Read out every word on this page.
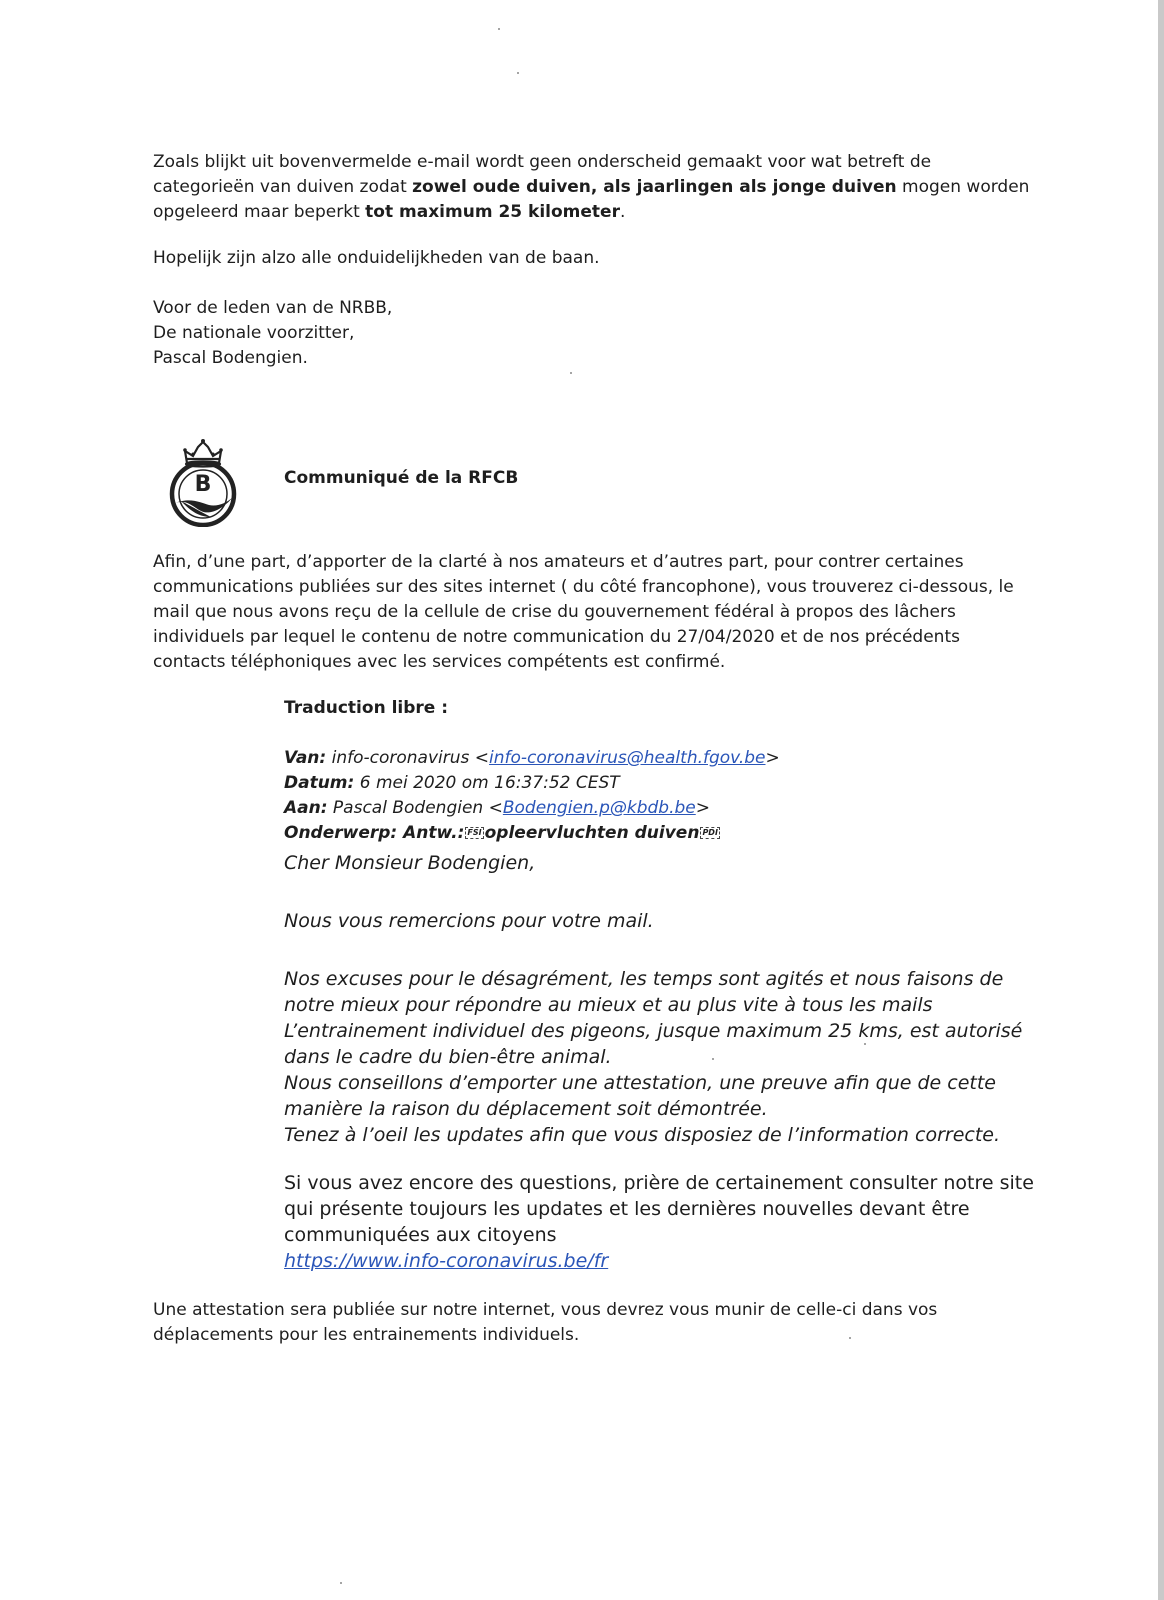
Zoals blijkt uit bovenvermelde e-mail wordt geen onderscheid gemaakt voor wat betreft de
categorieën van duiven zodat zowel oude duiven, als jaarlingen als jonge duiven mogen worden
opgeleerd maar beperkt tot maximum 25 kilometer.

Hopelijk zijn alzo alle onduidelijkheden van de baan.

Voor de leden van de NRBB,
De nationale voorzitter,
Pascal Bodengien.

B	Communiqué de la RFCB

Afin, d’une part, d’apporter de la clarté à nos amateurs et d’autres part, pour contrer certaines
communications publiées sur des sites internet ( du côté francophone), vous trouverez ci-dessous, le
mail que nous avons reçu de la cellule de crise du gouvernement fédéral à propos des lâchers
individuels par lequel le contenu de notre communication du 27/04/2020 et de nos précédents
contacts téléphoniques avec les services compétents est confirmé.

Traduction libre :

Van: info-coronavirus <info-coronavirus@health.fgov.be>
Datum: 6 mei 2020 om 16:37:52 CEST
Aan: Pascal Bodengien <Bodengien.p@kbdb.be>
Onderwerp: Antw.: FSI opleervluchten duiven PDI

Cher Monsieur Bodengien,

Nous vous remercions pour votre mail.

Nos excuses pour le désagrément, les temps sont agités et nous faisons de
notre mieux pour répondre au mieux et au plus vite à tous les mails
L’entrainement individuel des pigeons, jusque maximum 25 kms, est autorisé
dans le cadre du bien-être animal.
Nous conseillons d’emporter une attestation, une preuve afin que de cette
manière la raison du déplacement soit démontrée.
Tenez à l’oeil les updates afin que vous disposiez de l’information correcte.

Si vous avez encore des questions, prière de certainement consulter notre site
qui présente toujours les updates et les dernières nouvelles devant être
communiquées aux citoyens
https://www.info-coronavirus.be/fr

Une attestation sera publiée sur notre internet, vous devrez vous munir de celle-ci dans vos
déplacements pour les entrainements individuels.
